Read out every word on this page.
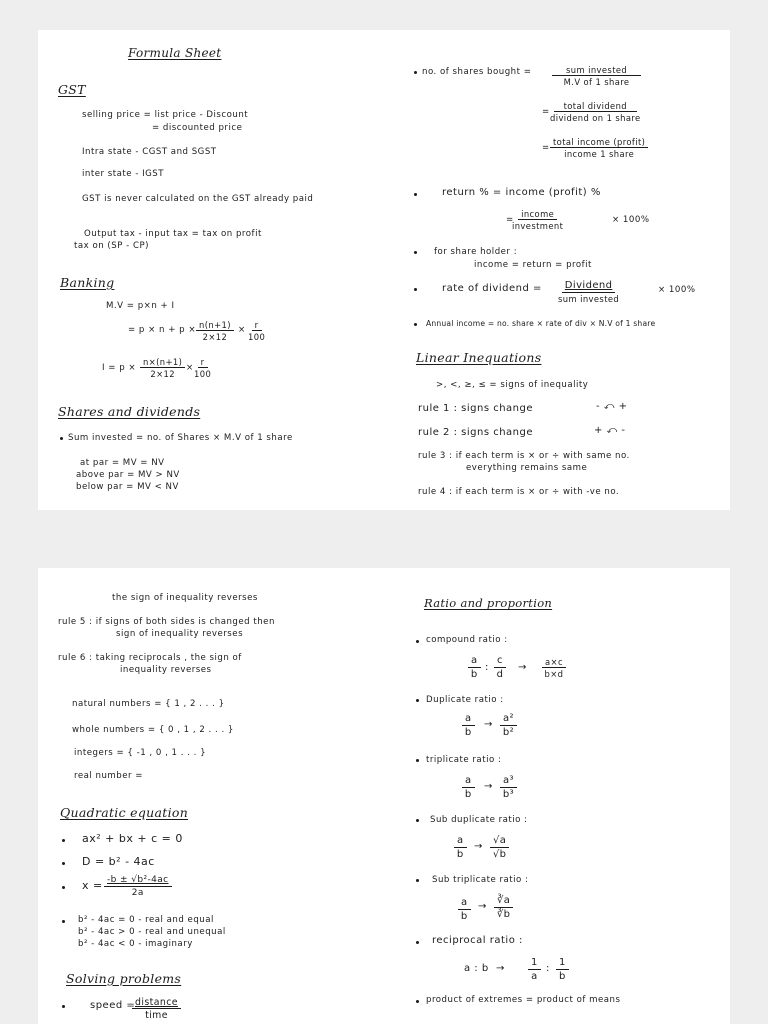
Formula Sheet
GST
selling price = list price - Discount
= discounted price
Intra state - CGST and SGST
inter state - IGST
GST is never calculated on the GST already paid
Output tax - input tax = tax on profit
tax on (SP - CP)
Banking
M.V = p×n + I
= $p \times n + p \times \frac{n(n+1)}{2\times 12} \times \frac{r}{100}$
$I = p \times \frac{n\times(n+1)}{2\times 12} \times \frac{r}{100}$
Shares and dividends
Sum invested = no. of Shares × M.V of 1 share
at par = MV = NV
above par = MV > NV
below par = MV < NV
no. of shares bought =	sum invested
M.V of 1 share
=
total dividend
dividend on 1 share
=
total income (profit)
income 1 share
return % = income (profit) %
=
income
investment
× 100%
for share holder :
income = return = profit
rate of dividend =	Dividend
sum invested
× 100%
Annual income = no. share × rate of div × N.V of 1 share
Linear Inequations
>, <, ≥, ≤ = signs of inequality
rule 1 : signs change	- ⤺ +
rule 2 : signs change	+ ⤺ -
rule 3 : if each term is × or ÷ with same no.
everything remains same
rule 4 : if each term is × or ÷ with -ve no.
the sign of inequality reverses
rule 5 : if signs of both sides is changed then
sign of inequality reverses
rule 6 : taking reciprocals , the sign of
inequality reverses
natural numbers = { 1 , 2 . . . }
whole numbers = { 0 , 1 , 2 . . . }
integers = { -1 , 0 , 1 . . . }
real number =
Quadratic equation
ax² + bx + c = 0
D = b² - 4ac
$x = \frac{\text{-b ± √b²-4ac}}{2a}$
b² - 4ac = 0 - real and equal
b² - 4ac > 0 - real and unequal
b² - 4ac < 0 - imaginary
Solving problems
speed = distance
time
Ratio and proportion
compound ratio :
$\frac{a}{b}$ : $\frac{c}{d} \to \frac{a\times c}{b\times d}$
Duplicate ratio :
$\frac{a}{b} \to \frac{\text{a²}}{\text{b²}}$
triplicate ratio :
$\frac{a}{b} \to \frac{\text{a³}}{\text{b³}}$
Sub duplicate ratio :
$\frac{a}{b} \to \frac{√a}{√b}$
Sub triplicate ratio :
$\frac{a}{b} \to \frac{∛a}{∛b}$
reciprocal ratio :
a : $b \to \frac{1}{a}$ : $\frac{1}{b}$
product of extremes = product of means
